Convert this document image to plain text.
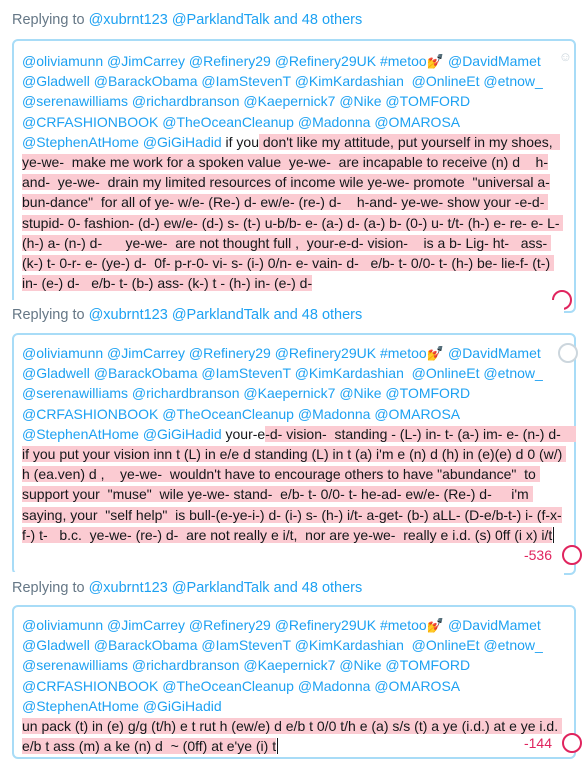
Replying to @xubrnt123 @ParklandTalk and 48 others
@oliviamunn @JimCarrey @Refinery29 @Refinery29UK #metoo💅 @DavidMamet @Gladwell @BarackObama @IamStevenT @KimKardashian  @OnlineEt @etnow_ @serenawilliams @richardbranson @Kaepernick7 @Nike @TOMFORD @CRFASHIONBOOK @TheOceanCleanup @Madonna @OMAROSA @StephenAtHome @GiGiHadid if you don't like my attitude, put yourself in my shoes,  ye-we-  make me work for a spoken value  ye-we-  are incapable to receive (n) d    h-and-  ye-we-  drain my limited resources of income wile ye-we- promote  "universal a-bun-dance"  for all of ye- w/e- (Re-) d- ew/e- (re-) d-    h-and- ye-we- show your -e-d- stupid- 0- fashion- (d-) ew/e- (d-) s- (t-) u-b/b- e- (a-) d- (a-) b- (0-) u- t/t- (h-) e- re- e- L- (h-) a- (n-) d-      ye-we-  are not thought full ,  your-e-d- vision-    is a b- Lig- ht-   ass- (k-) t- 0-r- e- (ye-) d-  0f- p-r-0- vi- s- (i-) 0/n- e- vain- d-   e/b- t- 0/0- t- (h-) be- lie-f- (t-) in- (e-) d-   e/b- t- (b-) ass- (k-) t - (h-) in- (e-) d-
☺
Replying to @xubrnt123 @ParklandTalk and 48 others
@oliviamunn @JimCarrey @Refinery29 @Refinery29UK #metoo💅 @DavidMamet @Gladwell @BarackObama @IamStevenT @KimKardashian  @OnlineEt @etnow_ @serenawilliams @richardbranson @Kaepernick7 @Nike @TOMFORD @CRFASHIONBOOK @TheOceanCleanup @Madonna @OMAROSA @StephenAtHome @GiGiHadid your-e-d- vision-  standing - (L-) in- t- (a-) im- e- (n-) d-    if you put your vision inn t (L) in e/e d standing (L) in t (a) i'm e (n) d (h) in (e)(e) d 0 (w/) h (ea.ven) d ,    ye-we-  wouldn't have to encourage others to have "abundance"  to support your  "muse"  wile ye-we- stand-  e/b- t- 0/0- t- he-ad- ew/e- (Re-) d-     i'm saying, your  "self help"  is bull-(e-ye-i-) d- (i-) s- (h-) i/t- a-get- (b-) aLL- (D-e/b-t-) i- (f-x-f-) t-   b.c.  ye-we- (re-) d-  are not really e i/t,  nor are ye-we-  really e i.d. (s) 0ff (i x) i/t
-536
Replying to @xubrnt123 @ParklandTalk and 48 others
@oliviamunn @JimCarrey @Refinery29 @Refinery29UK #metoo💅 @DavidMamet @Gladwell @BarackObama @IamStevenT @KimKardashian  @OnlineEt @etnow_ @serenawilliams @richardbranson @Kaepernick7 @Nike @TOMFORD @CRFASHIONBOOK @TheOceanCleanup @Madonna @OMAROSA @StephenAtHome @GiGiHadid
un pack (t) in (e) g/g (t/h) e t rut h (ew/e) d e/b t 0/0 t/h e (a) s/s (t) a ye (i.d.) at e ye i.d. e/b t ass (m) a ke (n) d  ~ (0ff) at e'ye (i) t	-144
